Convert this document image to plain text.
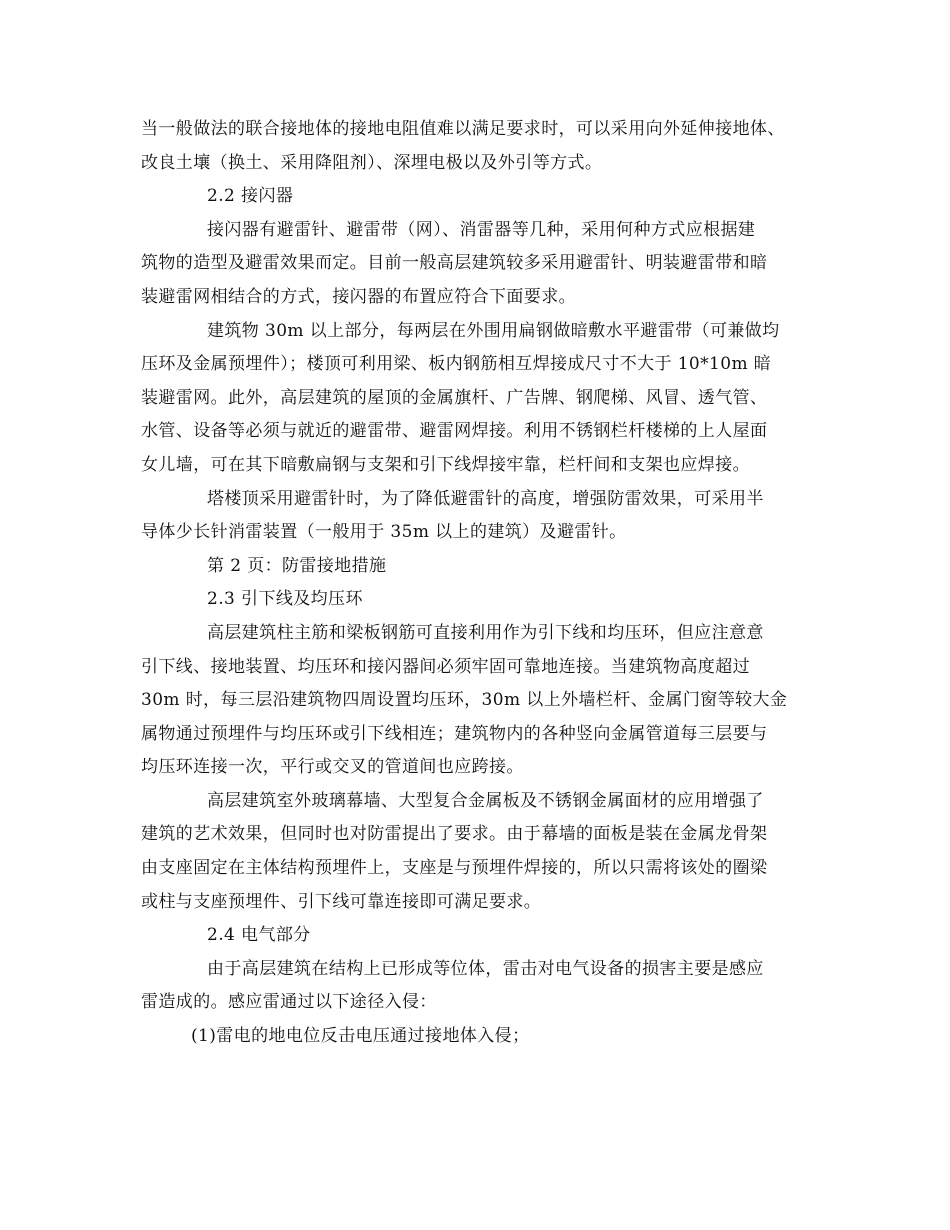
当一般做法的联合接地体的接地电阻值难以满足要求时，可以采用向外延伸接地体、
改良土壤（换土、采用降阻剂）、深埋电极以及外引等方式。
2.2 接闪器
接闪器有避雷针、避雷带（网）、消雷器等几种，采用何种方式应根据建
筑物的造型及避雷效果而定。目前一般高层建筑较多采用避雷针、明装避雷带和暗
装避雷网相结合的方式，接闪器的布置应符合下面要求。
建筑物 30m 以上部分，每两层在外围用扁钢做暗敷水平避雷带（可兼做均
压环及金属预埋件）；楼顶可利用梁、板内钢筋相互焊接成尺寸不大于 10*10m 暗
装避雷网。此外，高层建筑的屋顶的金属旗杆、广告牌、钢爬梯、风冒、透气管、
水管、设备等必须与就近的避雷带、避雷网焊接。利用不锈钢栏杆楼梯的上人屋面
女儿墙，可在其下暗敷扁钢与支架和引下线焊接牢靠，栏杆间和支架也应焊接。
塔楼顶采用避雷针时，为了降低避雷针的高度，增强防雷效果，可采用半
导体少长针消雷装置（一般用于 35m 以上的建筑）及避雷针。
第 2 页：防雷接地措施
2.3 引下线及均压环
高层建筑柱主筋和梁板钢筋可直接利用作为引下线和均压环，但应注意意
引下线、接地装置、均压环和接闪器间必须牢固可靠地连接。当建筑物高度超过
30m 时，每三层沿建筑物四周设置均压环，30m 以上外墙栏杆、金属门窗等较大金
属物通过预埋件与均压环或引下线相连；建筑物内的各种竖向金属管道每三层要与
均压环连接一次，平行或交叉的管道间也应跨接。
高层建筑室外玻璃幕墙、大型复合金属板及不锈钢金属面材的应用增强了
建筑的艺术效果，但同时也对防雷提出了要求。由于幕墙的面板是装在金属龙骨架
由支座固定在主体结构预埋件上，支座是与预埋件焊接的，所以只需将该处的圈梁
或柱与支座预埋件、引下线可靠连接即可满足要求。
2.4 电气部分
由于高层建筑在结构上已形成等位体，雷击对电气设备的损害主要是感应
雷造成的。感应雷通过以下途径入侵：
(1)雷电的地电位反击电压通过接地体入侵；
